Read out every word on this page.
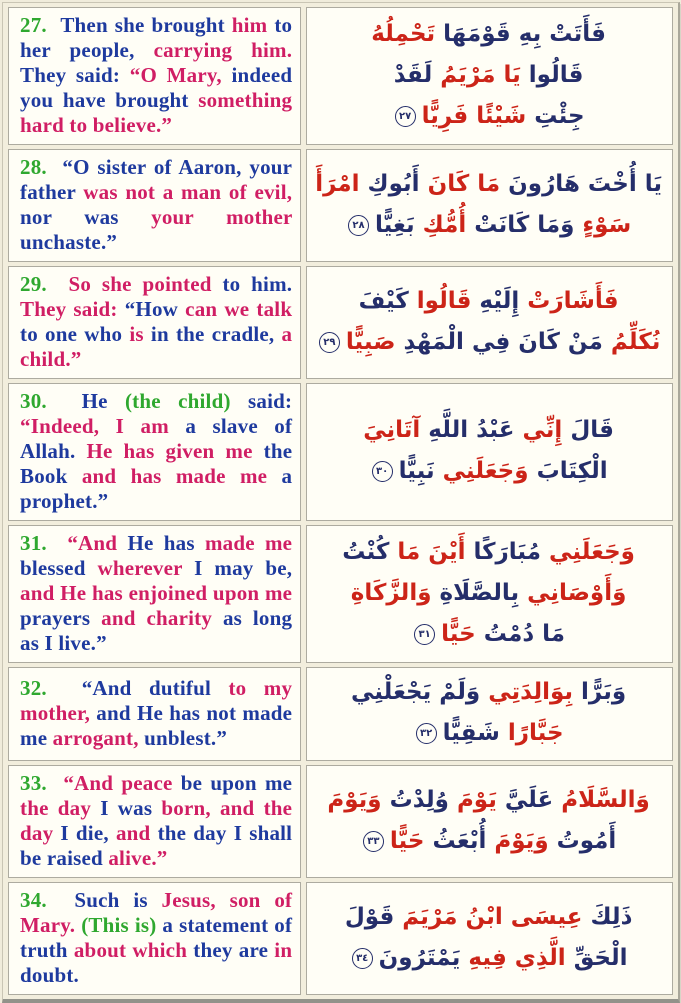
27. Then she brought him to her people, carrying him. They said: “O Mary, indeed you have brought something hard to believe.”	
فَأَتَتْ بِهِ قَوْمَهَا تَحْمِلُهُ
قَالُوا يَا مَرْيَمُ لَقَدْ
جِئْتِ شَيْئًا فَرِيًّا٢٧

28. “O sister of Aaron, your father was not a man of evil, nor was your mother unchaste.”	
يَا أُخْتَ هَارُونَ مَا كَانَ أَبُوكِ امْرَأَ
سَوْءٍ وَمَا كَانَتْ أُمُّكِ بَغِيًّا٢٨

29. So she pointed to him. They said: “How can we talk to one who is in the cradle, a child.”	
فَأَشَارَتْ إِلَيْهِ قَالُوا كَيْفَ
نُكَلِّمُ مَنْ كَانَ فِي الْمَهْدِ صَبِيًّا٢٩

30. He (the child) said: “Indeed, I am a slave of Allah. He has given me the Book and has made me a prophet.”	
قَالَ إِنِّي عَبْدُ اللَّهِ آتَانِيَ
الْكِتَابَ وَجَعَلَنِي نَبِيًّا٣٠

31. “And He has made me blessed wherever I may be, and He has enjoined upon me prayers and charity as long as I live.”	
وَجَعَلَنِي مُبَارَكًا أَيْنَ مَا كُنْتُ
وَأَوْصَانِي بِالصَّلَاةِ وَالزَّكَاةِ
مَا دُمْتُ حَيًّا٣١

32. “And dutiful to my mother, and He has not made me arrogant, unblest.”	
وَبَرًّا بِوَالِدَتِي وَلَمْ يَجْعَلْنِي
جَبَّارًا شَقِيًّا٣٢

33. “And peace be upon me the day I was born, and the day I die, and the day I shall be raised alive.”	
وَالسَّلَامُ عَلَيَّ يَوْمَ وُلِدْتُ وَيَوْمَ
أَمُوتُ وَيَوْمَ أُبْعَثُ حَيًّا٣٣

34. Such is Jesus, son of Mary. (This is) a statement of truth about which they are in doubt.	
ذَلِكَ عِيسَى ابْنُ مَرْيَمَ قَوْلَ
الْحَقِّ الَّذِي فِيهِ يَمْتَرُونَ٣٤
